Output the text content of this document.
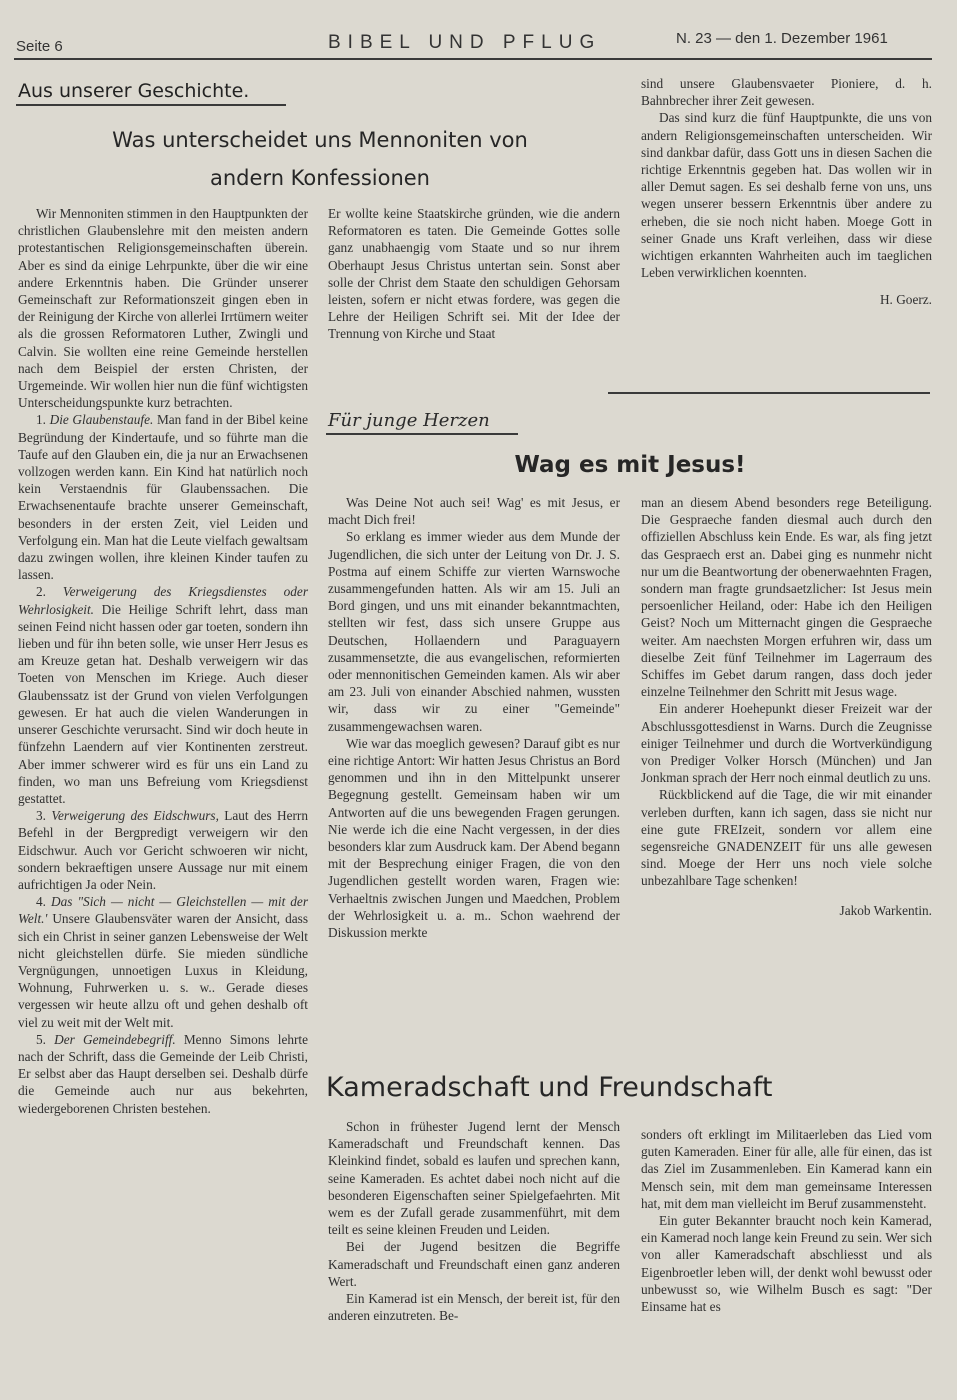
Seite 6	BIBEL UND PFLUG	N. 23 — den 1. Dezember 1961
Aus unserer Geschichte.
Was unterscheidet uns Mennoniten von
andern Konfessionen

Wir Mennoniten stimmen in den Hauptpunkten der christlichen Glaubenslehre mit den meisten andern protestantischen Religionsgemeinschaften überein. Aber es sind da einige Lehrpunkte, über die wir eine andere Erkenntnis haben. Die Gründer unserer Gemeinschaft zur Reformationszeit gingen eben in der Reinigung der Kirche von allerlei Irrtümern weiter als die grossen Reformatoren Luther, Zwingli und Calvin. Sie wollten eine reine Gemeinde herstellen nach dem Beispiel der ersten Christen, der Urgemeinde. Wir wollen hier nun die fünf wichtigsten Unterscheidungspunkte kurz betrachten.

1. Die Glaubenstaufe. Man fand in der Bibel keine Begründung der Kindertaufe, und so führte man die Taufe auf den Glauben ein, die ja nur an Erwachsenen vollzogen werden kann. Ein Kind hat natürlich noch kein Verstaendnis für Glaubenssachen. Die Erwachsenentaufe brachte unserer Gemeinschaft, besonders in der ersten Zeit, viel Leiden und Verfolgung ein. Man hat die Leute vielfach gewaltsam dazu zwingen wollen, ihre kleinen Kinder taufen zu lassen.

2. Verweigerung des Kriegsdienstes oder Wehrlosigkeit. Die Heilige Schrift lehrt, dass man seinen Feind nicht hassen oder gar toeten, sondern ihn lieben und für ihn beten solle, wie unser Herr Jesus es am Kreuze getan hat. Deshalb verweigern wir das Toeten von Menschen im Kriege. Auch dieser Glaubenssatz ist der Grund von vielen Verfolgungen gewesen. Er hat auch die vielen Wanderungen in unserer Geschichte verursacht. Sind wir doch heute in fünfzehn Laendern auf vier Kontinenten zerstreut. Aber immer schwerer wird es für uns ein Land zu finden, wo man uns Befreiung vom Kriegsdienst gestattet.

3. Verweigerung des Eidschwurs, Laut des Herrn Befehl in der Bergpredigt verweigern wir den Eidschwur. Auch vor Gericht schwoeren wir nicht, sondern bekraeftigen unsere Aussage nur mit einem aufrichtigen Ja oder Nein.

4. Das "Sich — nicht — Gleichstellen — mit der Welt.' Unsere Glaubensväter waren der Ansicht, dass sich ein Christ in seiner ganzen Lebensweise der Welt nicht gleichstellen dürfe. Sie mieden sündliche Vergnügungen, unnoetigen Luxus in Kleidung, Wohnung, Fuhrwerken u. s. w.. Gerade dieses vergessen wir heute allzu oft und gehen deshalb oft viel zu weit mit der Welt mit.

5. Der Gemeindebegriff. Menno Simons lehrte nach der Schrift, dass die Gemeinde der Leib Christi, Er selbst aber das Haupt derselben sei. Deshalb dürfe die Gemeinde auch nur aus bekehrten, wiedergeborenen Christen bestehen.

Er wollte keine Staatskirche gründen, wie die andern Reformatoren es taten. Die Gemeinde Gottes solle ganz unabhaengig vom Staate und so nur ihrem Oberhaupt Jesus Christus untertan sein. Sonst aber solle der Christ dem Staate den schuldigen Gehorsam leisten, sofern er nicht etwas fordere, was gegen die Lehre der Heiligen Schrift sei. Mit der Idee der Trennung von Kirche und Staat

sind unsere Glaubensvaeter Pioniere, d. h. Bahnbrecher ihrer Zeit gewesen.

Das sind kurz die fünf Hauptpunkte, die uns von andern Religionsgemeinschaften unterscheiden. Wir sind dankbar dafür, dass Gott uns in diesen Sachen die richtige Erkenntnis gegeben hat. Das wollen wir in aller Demut sagen. Es sei deshalb ferne von uns, uns wegen unserer bessern Erkenntnis über andere zu erheben, die sie noch nicht haben. Moege Gott in seiner Gnade uns Kraft verleihen, dass wir diese wichtigen erkannten Wahrheiten auch im taeglichen Leben verwirklichen koennten.

H. Goerz.

Für junge Herzen
Wag es mit Jesus!

Was Deine Not auch sei! Wag' es mit Jesus, er macht Dich frei!

So erklang es immer wieder aus dem Munde der Jugendlichen, die sich unter der Leitung von Dr. J. S. Postma auf einem Schiffe zur vierten Warnswoche zusammengefunden hatten. Als wir am 15. Juli an Bord gingen, und uns mit einander bekanntmachten, stellten wir fest, dass sich unsere Gruppe aus Deutschen, Hollaendern und Paraguayern zusammensetzte, die aus evangelischen, reformierten oder mennonitischen Gemeinden kamen. Als wir aber am 23. Juli von einander Abschied nahmen, wussten wir, dass wir zu einer "Gemeinde" zusammengewachsen waren.

Wie war das moeglich gewesen? Darauf gibt es nur eine richtige Antort: Wir hatten Jesus Christus an Bord genommen und ihn in den Mittelpunkt unserer Begegnung gestellt. Gemeinsam haben wir um Antworten auf die uns bewegenden Fragen gerungen. Nie werde ich die eine Nacht vergessen, in der dies besonders klar zum Ausdruck kam. Der Abend begann mit der Besprechung einiger Fragen, die von den Jugendlichen gestellt worden waren, Fragen wie: Verhaeltnis zwischen Jungen und Maedchen, Problem der Wehrlosigkeit u. a. m.. Schon waehrend der Diskussion merkte

man an diesem Abend besonders rege Beteiligung. Die Gespraeche fanden diesmal auch durch den offiziellen Abschluss kein Ende. Es war, als fing jetzt das Gespraech erst an. Dabei ging es nunmehr nicht nur um die Beantwortung der obenerwaehnten Fragen, sondern man fragte grundsaetzlicher: Ist Jesus mein persoenlicher Heiland, oder: Habe ich den Heiligen Geist? Noch um Mitternacht gingen die Gespraeche weiter. Am naechsten Morgen erfuhren wir, dass um dieselbe Zeit fünf Teilnehmer im Lagerraum des Schiffes im Gebet darum rangen, dass doch jeder einzelne Teilnehmer den Schritt mit Jesus wage.

Ein anderer Hoehepunkt dieser Freizeit war der Abschlussgottesdienst in Warns. Durch die Zeugnisse einiger Teilnehmer und durch die Wortverkündigung von Prediger Volker Horsch (München) und Jan Jonkman sprach der Herr noch einmal deutlich zu uns.

Rückblickend auf die Tage, die wir mit einander verleben durften, kann ich sagen, dass sie nicht nur eine gute FREIzeit, sondern vor allem eine segensreiche GNADENZEIT für uns alle gewesen sind. Moege der Herr uns noch viele solche unbezahlbare Tage schenken!

Jakob Warkentin.

Kameradschaft und Freundschaft

Schon in frühester Jugend lernt der Mensch Kameradschaft und Freundschaft kennen. Das Kleinkind findet, sobald es laufen und sprechen kann, seine Kameraden. Es achtet dabei noch nicht auf die besonderen Eigenschaften seiner Spielgefaehrten. Mit wem es der Zufall gerade zusammenführt, mit dem teilt es seine kleinen Freuden und Leiden.

Bei der Jugend besitzen die Begriffe Kameradschaft und Freundschaft einen ganz anderen Wert.

Ein Kamerad ist ein Mensch, der bereit ist, für den anderen einzutreten. Be-

sonders oft erklingt im Militaerleben das Lied vom guten Kameraden. Einer für alle, alle für einen, das ist das Ziel im Zusammenleben. Ein Kamerad kann ein Mensch sein, mit dem man gemeinsame Interessen hat, mit dem man vielleicht im Beruf zusammensteht.

Ein guter Bekannter braucht noch kein Kamerad, ein Kamerad noch lange kein Freund zu sein. Wer sich von aller Kameradschaft abschliesst und als Eigenbroetler leben will, der denkt wohl bewusst oder unbewusst so, wie Wilhelm Busch es sagt: "Der Einsame hat es
